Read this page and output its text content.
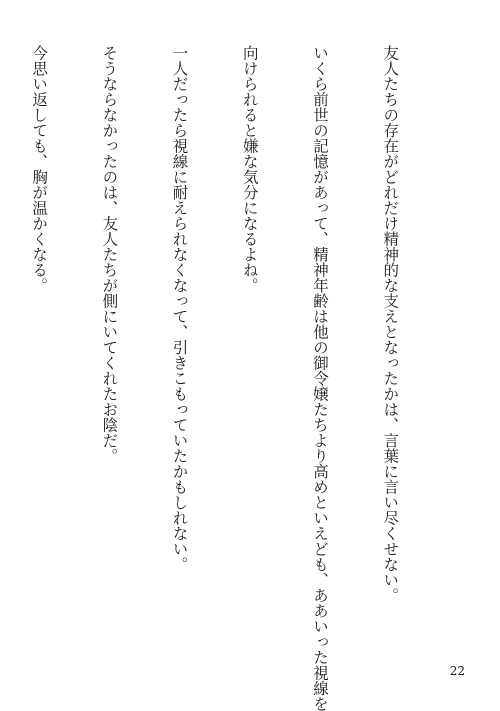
友人たちの存在がどれだけ精神的な支えとなったかは、言葉に言い尽くせない。

いくら前世の記憶があって、精神年齢は他の御令嬢たちより高めといえども、ああいった視線を

向けられると嫌な気分になるよね。

一人だったら視線に耐えられなくなって、引きこもっていたかもしれない。

そうならなかったのは、友人たちが側にいてくれたお陰だ。

今思い返しても、胸が温かくなる。

22
